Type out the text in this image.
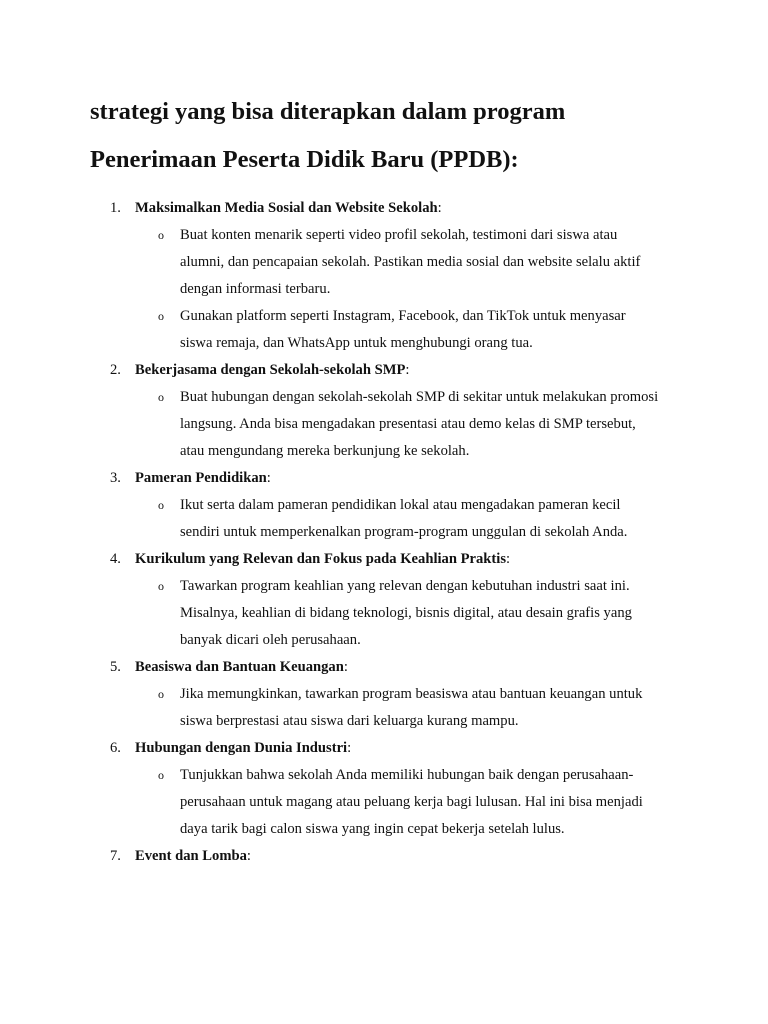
strategi yang bisa diterapkan dalam program
Penerimaan Peserta Didik Baru (PPDB):
1. Maksimalkan Media Sosial dan Website Sekolah:
o Buat konten menarik seperti video profil sekolah, testimoni dari siswa atau
alumni, dan pencapaian sekolah. Pastikan media sosial dan website selalu aktif
dengan informasi terbaru.
o Gunakan platform seperti Instagram, Facebook, dan TikTok untuk menyasar
siswa remaja, dan WhatsApp untuk menghubungi orang tua.
2. Bekerjasama dengan Sekolah-sekolah SMP:
o Buat hubungan dengan sekolah-sekolah SMP di sekitar untuk melakukan promosi
langsung. Anda bisa mengadakan presentasi atau demo kelas di SMP tersebut,
atau mengundang mereka berkunjung ke sekolah.
3. Pameran Pendidikan:
o Ikut serta dalam pameran pendidikan lokal atau mengadakan pameran kecil
sendiri untuk memperkenalkan program-program unggulan di sekolah Anda.
4. Kurikulum yang Relevan dan Fokus pada Keahlian Praktis:
o Tawarkan program keahlian yang relevan dengan kebutuhan industri saat ini.
Misalnya, keahlian di bidang teknologi, bisnis digital, atau desain grafis yang
banyak dicari oleh perusahaan.
5. Beasiswa dan Bantuan Keuangan:
o Jika memungkinkan, tawarkan program beasiswa atau bantuan keuangan untuk
siswa berprestasi atau siswa dari keluarga kurang mampu.
6. Hubungan dengan Dunia Industri:
o Tunjukkan bahwa sekolah Anda memiliki hubungan baik dengan perusahaan-
perusahaan untuk magang atau peluang kerja bagi lulusan. Hal ini bisa menjadi
daya tarik bagi calon siswa yang ingin cepat bekerja setelah lulus.
7. Event dan Lomba:
